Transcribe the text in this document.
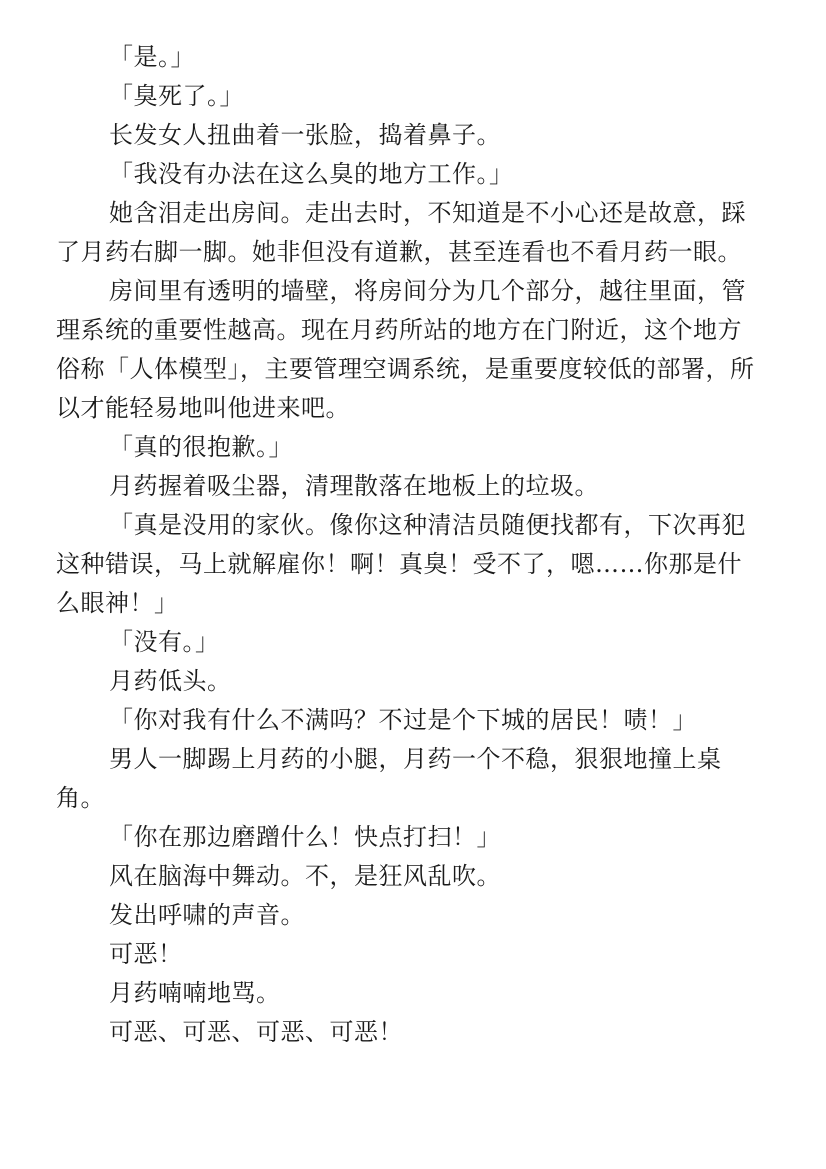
「是。」

「臭死了。」

长发女人扭曲着一张脸，捣着鼻子。

「我没有办法在这么臭的地方工作。」

她含泪走出房间。走出去时，不知道是不小心还是故意，踩了月药右脚一脚。她非但没有道歉，甚至连看也不看月药一眼。

房间里有透明的墙壁，将房间分为几个部分，越往里面，管理系统的重要性越高。现在月药所站的地方在门附近，这个地方俗称「人体模型」，主要管理空调系统，是重要度较低的部署，所以才能轻易地叫他进来吧。

「真的很抱歉。」

月药握着吸尘器，清理散落在地板上的垃圾。

「真是没用的家伙。像你这种清洁员随便找都有，下次再犯这种错误，马上就解雇你！啊！真臭！受不了，嗯……你那是什么眼神！」

「没有。」

月药低头。

「你对我有什么不满吗？不过是个下城的居民！啧！」

男人一脚踢上月药的小腿，月药一个不稳，狠狠地撞上桌角。

「你在那边磨蹭什么！快点打扫！」

风在脑海中舞动。不，是狂风乱吹。

发出呼啸的声音。

可恶！

月药喃喃地骂。

可恶、可恶、可恶、可恶！
